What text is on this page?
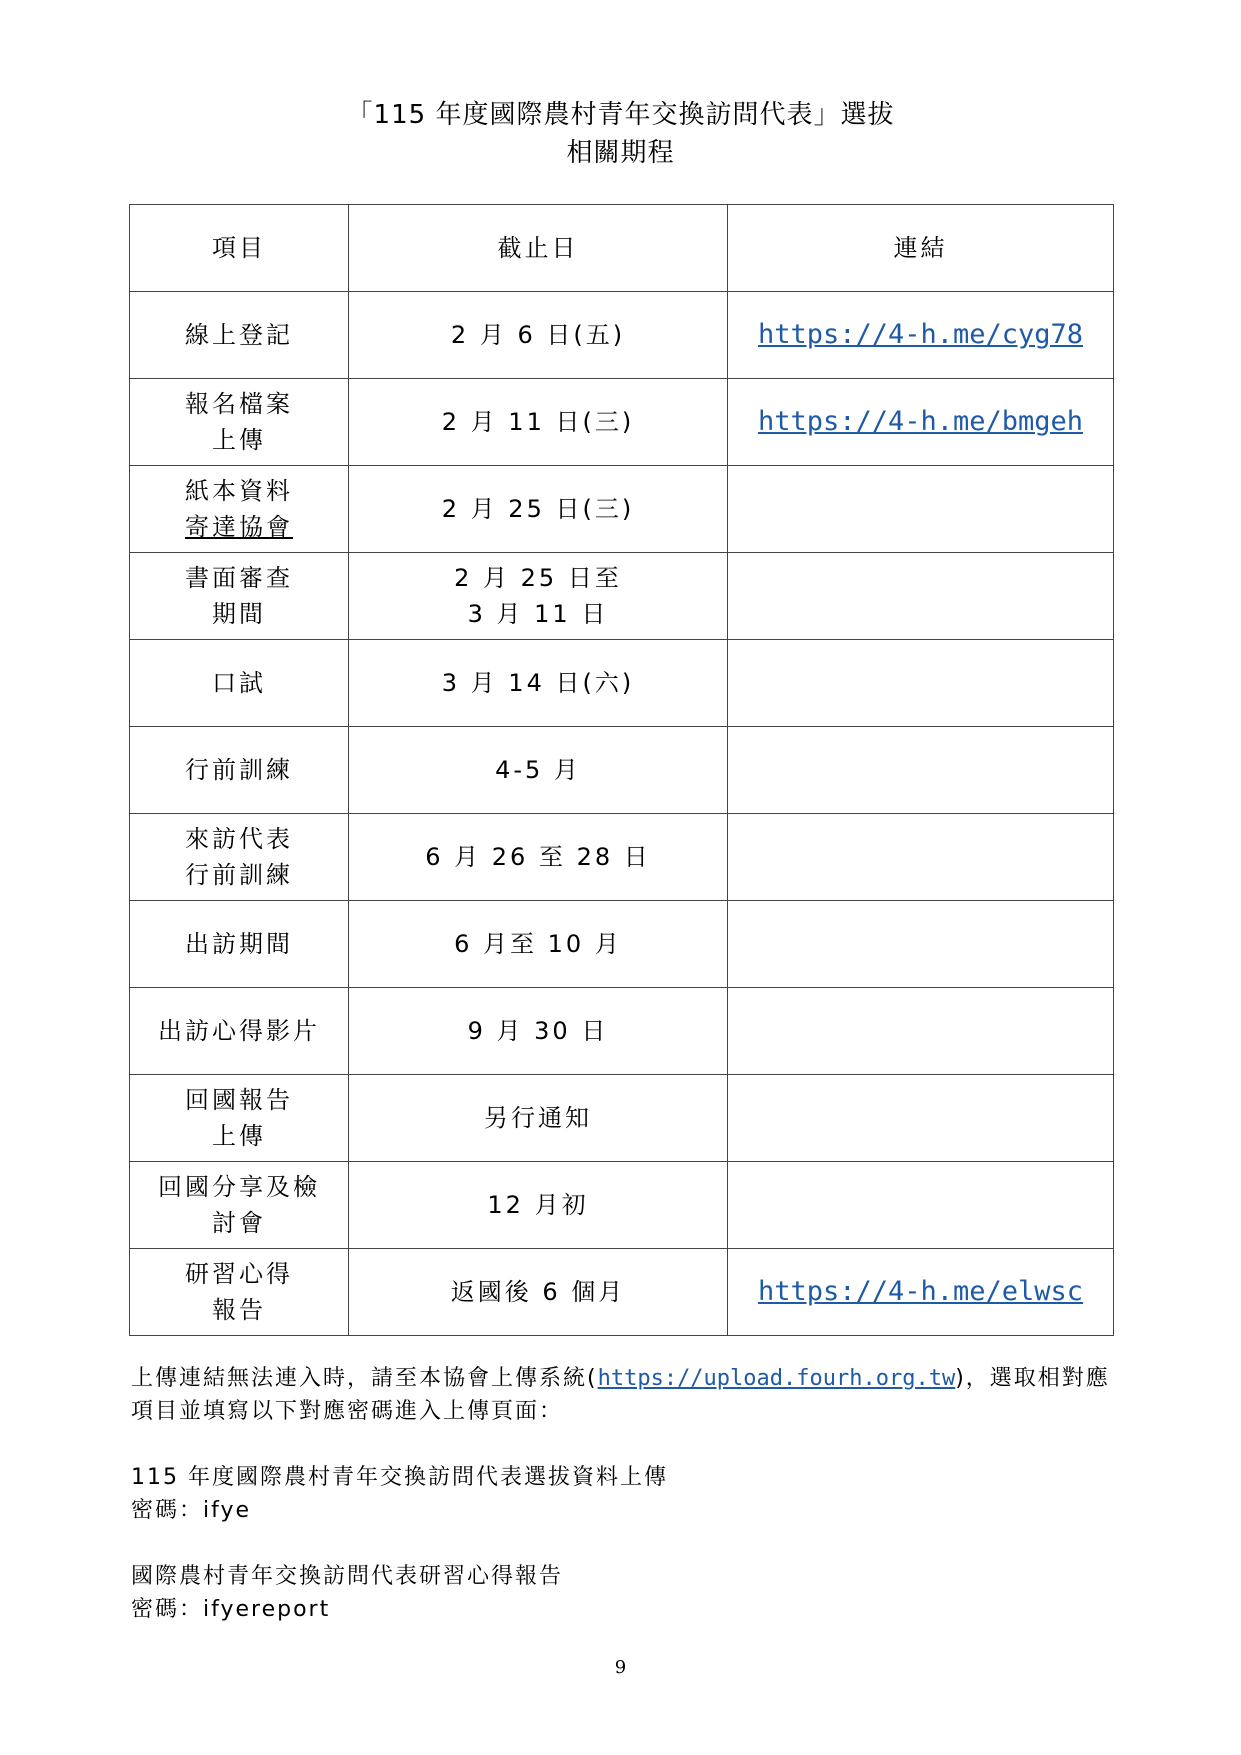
「115 年度國際農村青年交換訪問代表」選拔
相關期程
項目	截止日	連結

線上登記	2 月 6 日(五)	https://4-h.me/cyg78

報名檔案
上傳	2 月 11 日(三)	https://4-h.me/bmgeh

紙本資料
寄達協會	2 月 25 日(三)	

書面審查
期間	2 月 25 日至
3 月 11 日	

口試	3 月 14 日(六)	

行前訓練	4-5 月	

來訪代表
行前訓練	6 月 26 至 28 日	

出訪期間	6 月至 10 月	

出訪心得影片	9 月 30 日	

回國報告
上傳	另行通知	

回國分享及檢
討會	12 月初	

研習心得
報告	返國後 6 個月	https://4-h.me/elwsc
上傳連結無法連入時，請至本協會上傳系統(https://upload.fourh.org.tw)，選取相對應
項目並填寫以下對應密碼進入上傳頁面：
115 年度國際農村青年交換訪問代表選拔資料上傳
密碼：ifye
國際農村青年交換訪問代表研習心得報告
密碼：ifyereport
9
